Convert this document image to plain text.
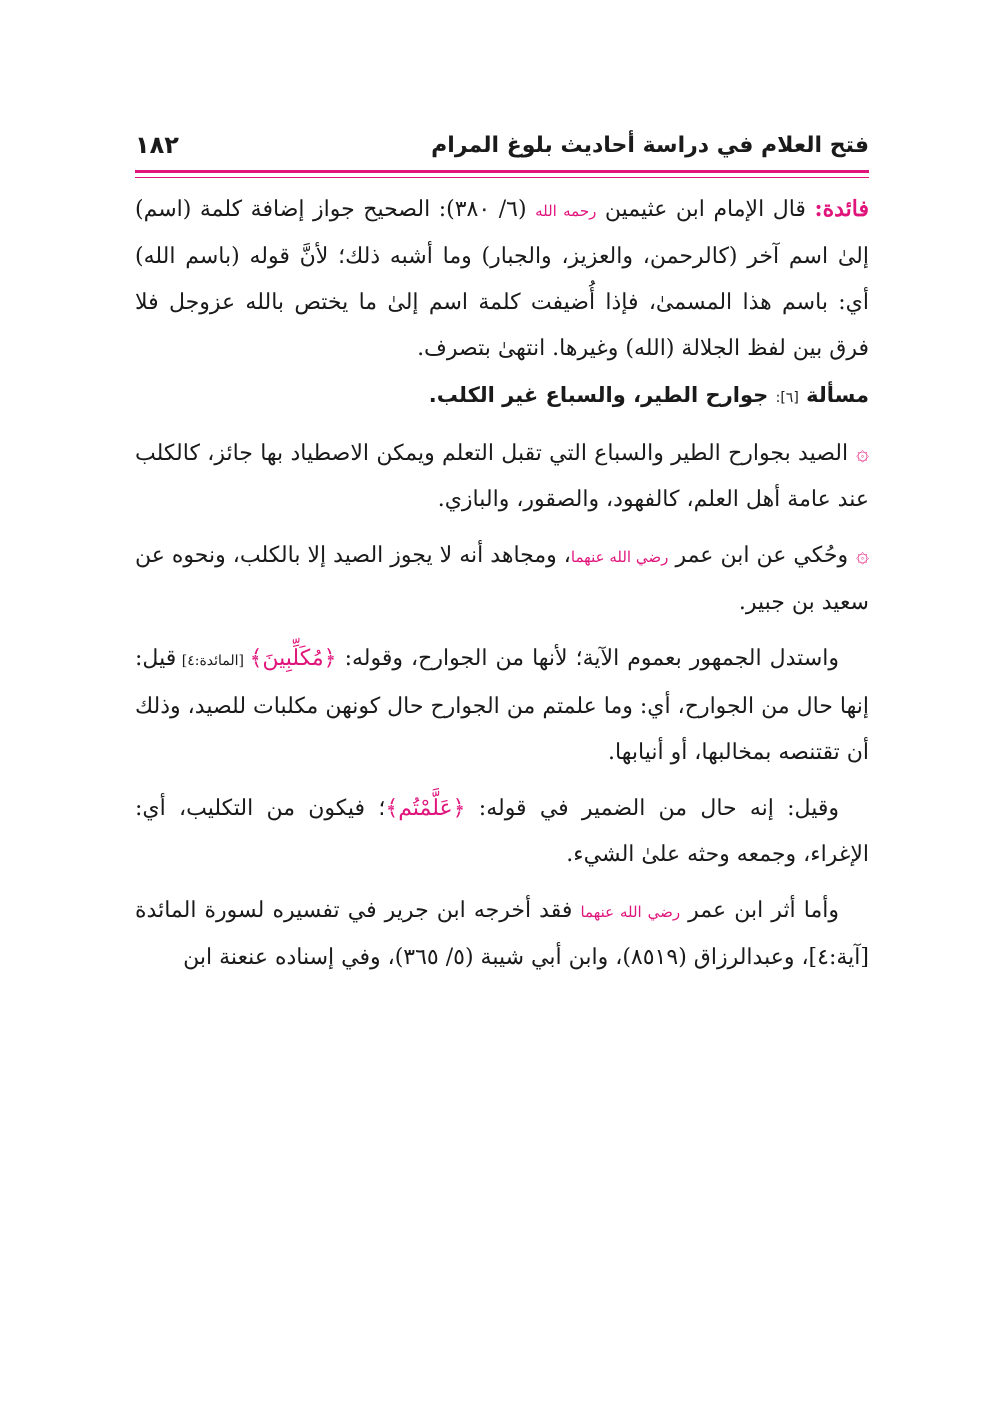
فتح العلام في دراسة أحاديث بلوغ المرام
١٨٢

فائدة: قال الإمام ابن عثيمين رحمه الله (٦/ ٣٨٠): الصحيح جواز إضافة كلمة (اسم) إلىٰ اسم آخر (كالرحمن، والعزيز، والجبار) وما أشبه ذلك؛ لأنَّ قوله (باسم الله) أي: باسم هذا المسمىٰ، فإذا أُضيفت كلمة اسم إلىٰ ما يختص بالله عزوجل فلا فرق بين لفظ الجلالة (الله) وغيرها. انتهىٰ بتصرف.

مسألة [٦]: جوارح الطير، والسباع غير الكلب.

۞الصيد بجوارح الطير والسباع التي تقبل التعلم ويمكن الاصطياد بها جائز، كالكلب عند عامة أهل العلم، كالفهود، والصقور، والبازي.

۞وحُكي عن ابن عمر رضي الله عنهما، ومجاهد أنه لا يجوز الصيد إلا بالكلب، ونحوه عن سعيد بن جبير.

واستدل الجمهور بعموم الآية؛ لأنها من الجوارح، وقوله: ﴿مُكَلِّبِينَ﴾ [المائدة:٤] قيل: إنها حال من الجوارح، أي: وما علمتم من الجوارح حال كونهن مكلبات للصيد، وذلك أن تقتنصه بمخالبها، أو أنيابها.

وقيل: إنه حال من الضمير في قوله: ﴿عَلَّمْتُم﴾؛ فيكون من التكليب، أي: الإغراء، وجمعه وحثه علىٰ الشيء.

وأما أثر ابن عمر رضي الله عنهما فقد أخرجه ابن جرير في تفسيره لسورة المائدة [آية:٤]، وعبدالرزاق (٨٥١٩)، وابن أبي شيبة (٥/ ٣٦٥)، وفي إسناده عنعنة ابن
